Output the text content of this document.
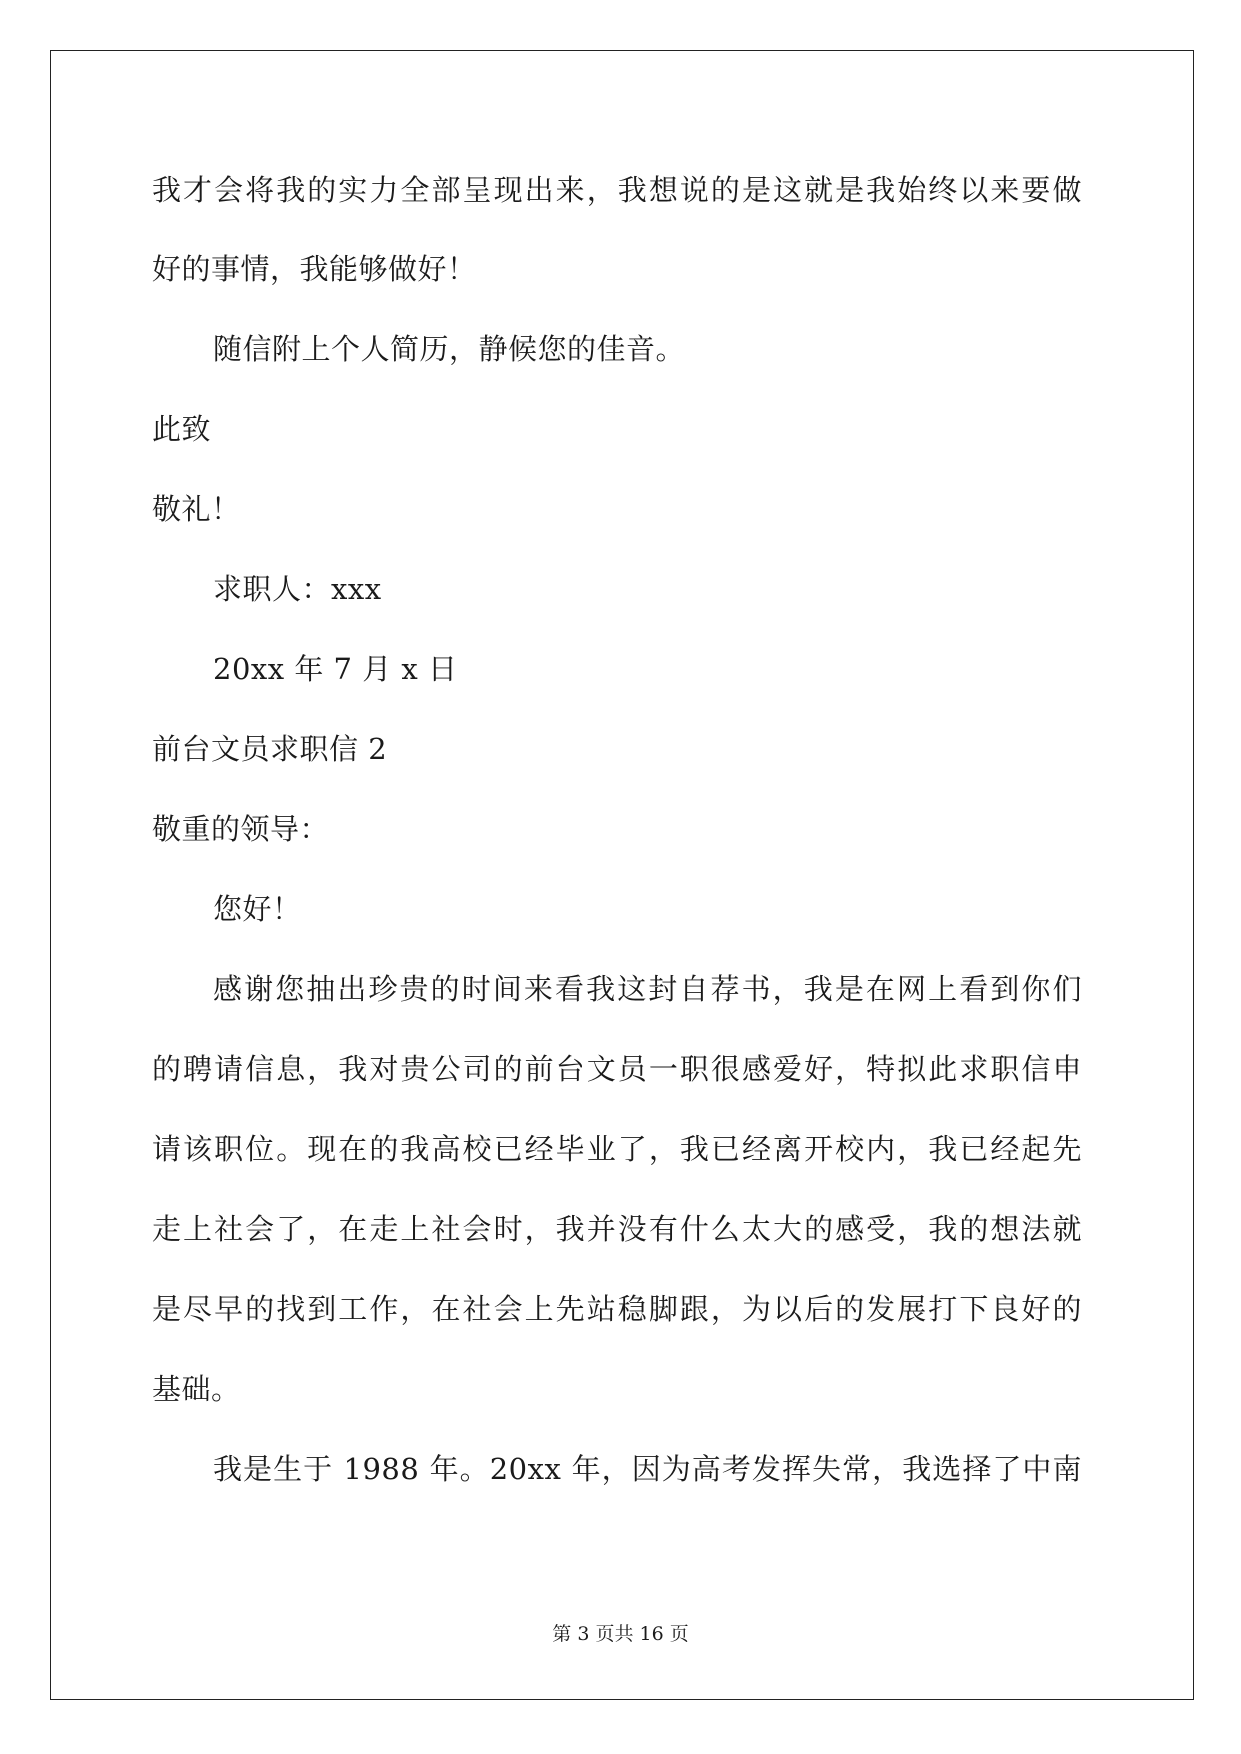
我才会将我的实力全部呈现出来，我想说的是这就是我始终以来要做
好的事情，我能够做好！
随信附上个人简历，静候您的佳音。
此致
敬礼！
求职人：xxx
20xx 年 7 月 x 日
前台文员求职信 2
敬重的领导：
您好！
感谢您抽出珍贵的时间来看我这封自荐书，我是在网上看到你们
的聘请信息，我对贵公司的前台文员一职很感爱好，特拟此求职信申
请该职位。现在的我高校已经毕业了，我已经离开校内，我已经起先
走上社会了，在走上社会时，我并没有什么太大的感受，我的想法就
是尽早的找到工作，在社会上先站稳脚跟，为以后的发展打下良好的
基础。
我是生于 1988 年。20xx 年，因为高考发挥失常，我选择了中南
第 3 页共 16 页
